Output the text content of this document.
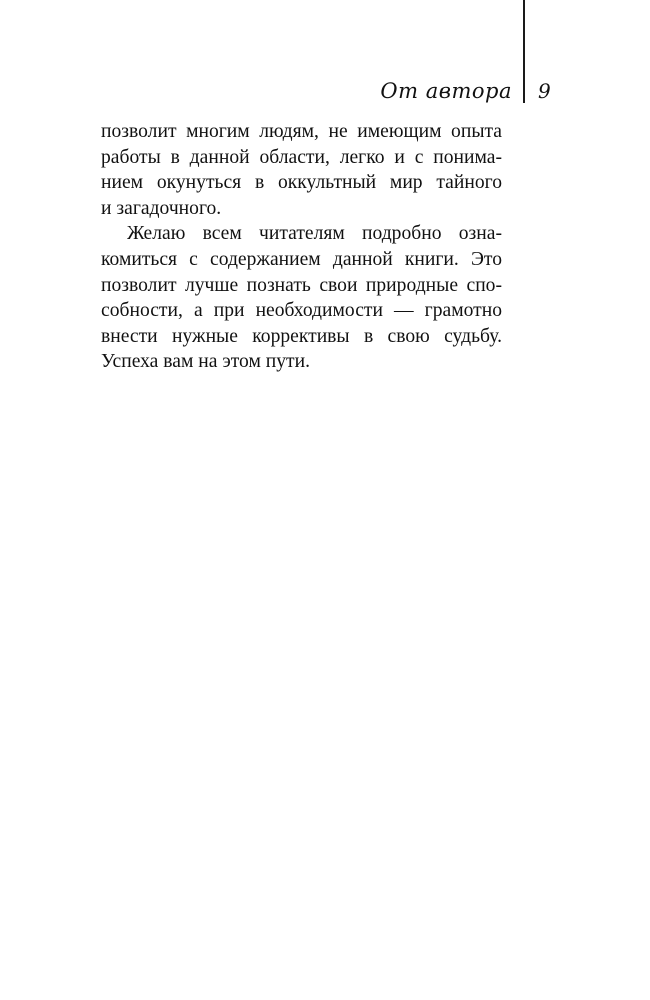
От автора 9
позволит многим людям, не имеющим опыта
работы в данной области, легко и с понима-
нием окунуться в оккультный мир тайного
и загадочного.
Желаю всем читателям подробно озна-
комиться с содержанием данной книги. Это
позволит лучше познать свои природные спо-
собности, а при необходимости — грамотно
внести нужные коррективы в свою судьбу.
Успеха вам на этом пути.
